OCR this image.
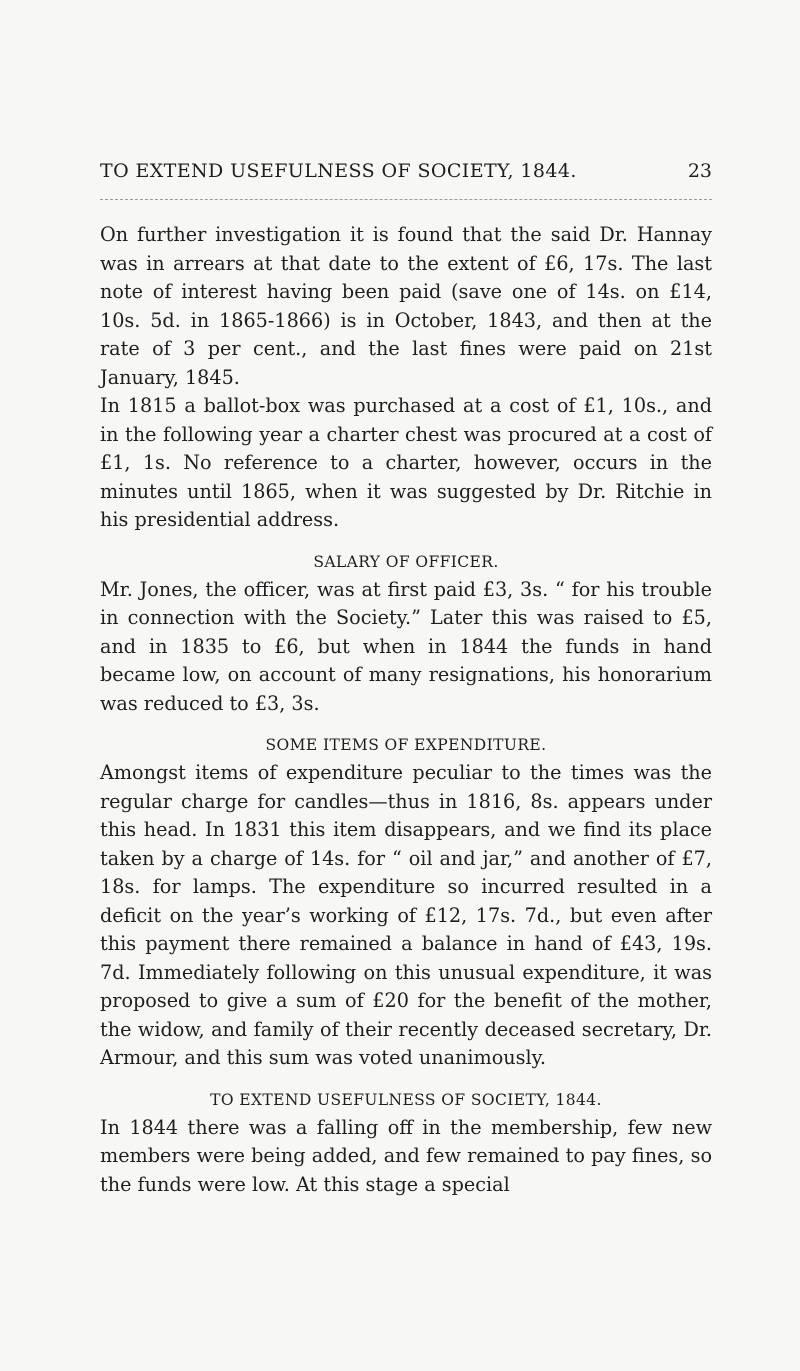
TO EXTEND USEFULNESS OF SOCIETY, 1844.	23

On further investigation it is found that the said Dr. Hannay was in arrears at that date to the extent of £6, 17s. The last note of interest having been paid (save one of 14s. on £14, 10s. 5d. in 1865-1866) is in October, 1843, and then at the rate of 3 per cent., and the last fines were paid on 21st January, 1845.

In 1815 a ballot-box was purchased at a cost of £1, 10s., and in the following year a charter chest was procured at a cost of £1, 1s. No reference to a charter, however, occurs in the minutes until 1865, when it was suggested by Dr. Ritchie in his presidential address.

SALARY OF OFFICER.

Mr. Jones, the officer, was at first paid £3, 3s. “ for his trouble in connection with the Society.” Later this was raised to £5, and in 1835 to £6, but when in 1844 the funds in hand became low, on account of many resignations, his honorarium was reduced to £3, 3s.

SOME ITEMS OF EXPENDITURE.

Amongst items of expenditure peculiar to the times was the regular charge for candles—thus in 1816, 8s. appears under this head. In 1831 this item disappears, and we find its place taken by a charge of 14s. for “ oil and jar,” and another of £7, 18s. for lamps. The expenditure so incurred resulted in a deficit on the year’s working of £12, 17s. 7d., but even after this payment there remained a balance in hand of £43, 19s. 7d. Immediately following on this unusual expenditure, it was proposed to give a sum of £20 for the benefit of the mother, the widow, and family of their recently deceased secretary, Dr. Armour, and this sum was voted unanimously.

TO EXTEND USEFULNESS OF SOCIETY, 1844.

In 1844 there was a falling off in the membership, few new members were being added, and few remained to pay fines, so the funds were low. At this stage a special
